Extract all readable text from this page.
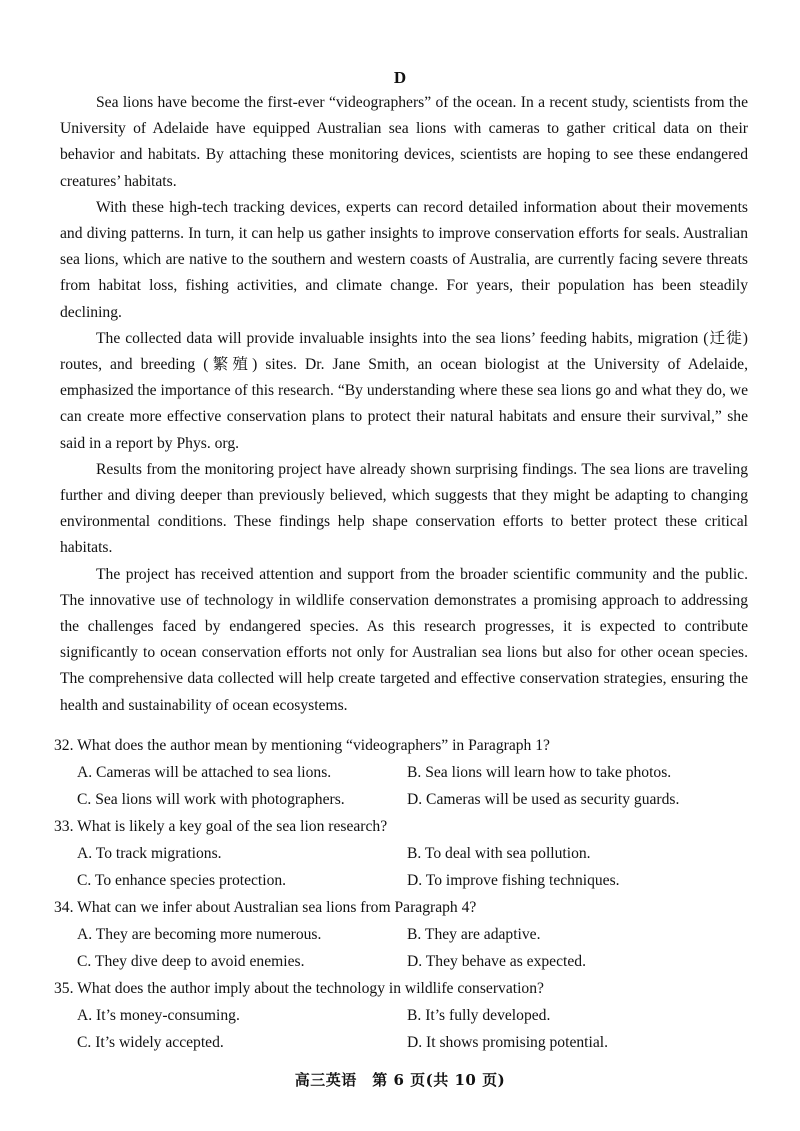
D

Sea lions have become the first-ever “videographers” of the ocean. In a recent study, scientists from the University of Adelaide have equipped Australian sea lions with cameras to gather critical data on their behavior and habitats. By attaching these monitoring devices, scientists are hoping to see these endangered creatures’ habitats.

With these high-tech tracking devices, experts can record detailed information about their movements and diving patterns. In turn, it can help us gather insights to improve conservation efforts for seals. Australian sea lions, which are native to the southern and western coasts of Australia, are currently facing severe threats from habitat loss, fishing activities, and climate change. For years, their population has been steadily declining.

The collected data will provide invaluable insights into the sea lions’ feeding habits, migration (迁徙) routes, and breeding (繁殖) sites. Dr. Jane Smith, an ocean biologist at the University of Adelaide, emphasized the importance of this research. “By understanding where these sea lions go and what they do, we can create more effective conservation plans to protect their natural habitats and ensure their survival,” she said in a report by Phys. org.

Results from the monitoring project have already shown surprising findings. The sea lions are traveling further and diving deeper than previously believed, which suggests that they might be adapting to changing environmental conditions. These findings help shape conservation efforts to better protect these critical habitats.

The project has received attention and support from the broader scientific community and the public. The innovative use of technology in wildlife conservation demonstrates a promising approach to addressing the challenges faced by endangered species. As this research progresses, it is expected to contribute significantly to ocean conservation efforts not only for Australian sea lions but also for other ocean species. The comprehensive data collected will help create targeted and effective conservation strategies, ensuring the health and sustainability of ocean ecosystems.

32. What does the author mean by mentioning “videographers” in Paragraph 1?

A. Cameras will be attached to sea lions.	B. Sea lions will learn how to take photos.
C. Sea lions will work with photographers.	D. Cameras will be used as security guards.

33. What is likely a key goal of the sea lion research?

A. To track migrations.	B. To deal with sea pollution.
C. To enhance species protection.	D. To improve fishing techniques.

34. What can we infer about Australian sea lions from Paragraph 4?

A. They are becoming more numerous.	B. They are adaptive.
C. They dive deep to avoid enemies.	D. They behave as expected.

35. What does the author imply about the technology in wildlife conservation?

A. It’s money-consuming.	B. It’s fully developed.
C. It’s widely accepted.	D. It shows promising potential.
高三英语　第 6 页(共 10 页)
